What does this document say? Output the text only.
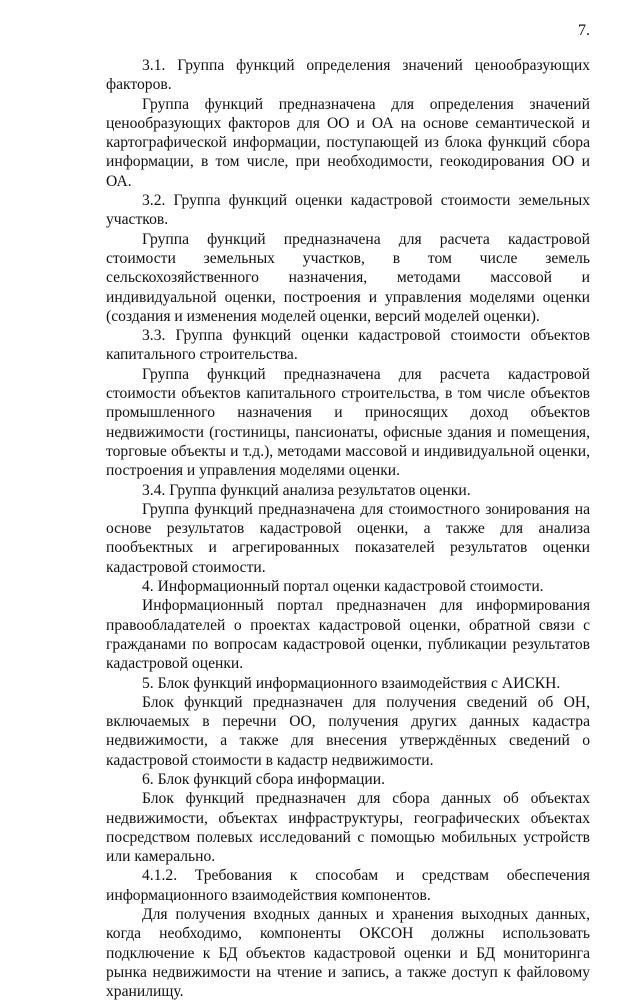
7.

3.1. Группа функций определения значений ценообразующих факторов.

Группа функций предназначена для определения значений ценообразующих факторов для ОО и ОА на основе семантической и картографической информации, поступающей из блока функций сбора информации, в том числе, при необходимости, геокодирования ОО и ОА.

3.2. Группа функций оценки кадастровой стоимости земельных участков.

Группа функций предназначена для расчета кадастровой стоимости земельных участков, в том числе земель сельскохозяйственного назначения, методами массовой и индивидуальной оценки, построения и управления моделями оценки (создания и изменения моделей оценки, версий моделей оценки).

3.3. Группа функций оценки кадастровой стоимости объектов капитального строительства.

Группа функций предназначена для расчета кадастровой стоимости объектов капитального строительства, в том числе объектов промышленного назначения и приносящих доход объектов недвижимости (гостиницы, пансионаты, офисные здания и помещения, торговые объекты и т.д.), методами массовой и индивидуальной оценки, построения и управления моделями оценки.

3.4. Группа функций анализа результатов оценки.

Группа функций предназначена для стоимостного зонирования на основе результатов кадастровой оценки, а также для анализа пообъектных и агрегированных показателей результатов оценки кадастровой стоимости.

4. Информационный портал оценки кадастровой стоимости.

Информационный портал предназначен для информирования правообладателей о проектах кадастровой оценки, обратной связи с гражданами по вопросам кадастровой оценки, публикации результатов кадастровой оценки.

5. Блок функций информационного взаимодействия с АИСКН.

Блок функций предназначен для получения сведений об ОН, включаемых в перечни ОО, получения других данных кадастра недвижимости, а также для внесения утверждённых сведений о кадастровой стоимости в кадастр недвижимости.

6. Блок функций сбора информации.

Блок функций предназначен для сбора данных об объектах недвижимости, объектах инфраструктуры, географических объектах посредством полевых исследований с помощью мобильных устройств или камерально.

4.1.2. Требования к способам и средствам обеспечения информационного взаимодействия компонентов.

Для получения входных данных и хранения выходных данных, когда необходимо, компоненты ОКСОН должны использовать подключение к БД объектов кадастровой оценки и БД мониторинга рынка недвижимости на чтение и запись, а также доступ к файловому хранилищу.
